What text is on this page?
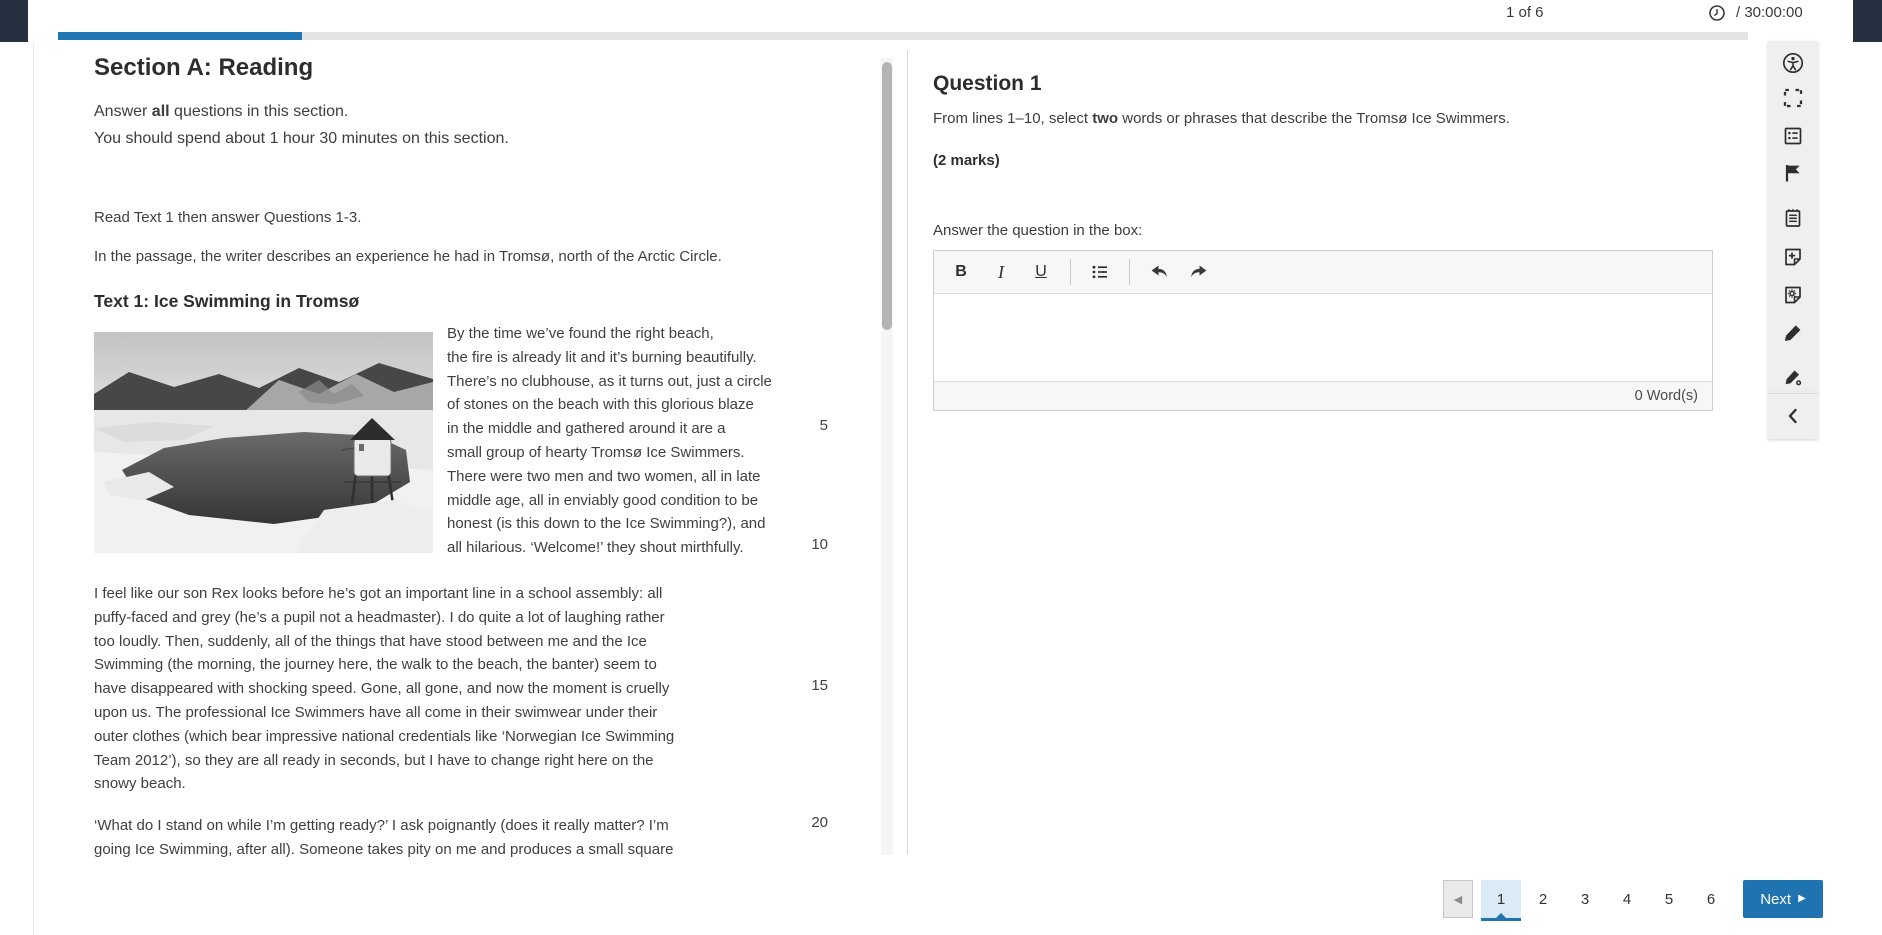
1 of 6	/ 30:00:00
Section A: Reading
Answer all questions in this section.
You should spend about 1 hour 30 minutes on this section.
Read Text 1 then answer Questions 1-3.
In the passage, the writer describes an experience he had in Tromsø, north of the Arctic Circle.
Text 1: Ice Swimming in Tromsø
By the time we’ve found the right beach,
the fire is already lit and it’s burning beautifully.
There’s no clubhouse, as it turns out, just a circle
of stones on the beach with this glorious blaze
in the middle and gathered around it are a
small group of hearty Tromsø Ice Swimmers.
There were two men and two women, all in late
middle age, all in enviably good condition to be
honest (is this down to the Ice Swimming?), and
all hilarious. ‘Welcome!’ they shout mirthfully.
I feel like our son Rex looks before he’s got an important line in a school assembly: all
puffy-faced and grey (he’s a pupil not a headmaster). I do quite a lot of laughing rather
too loudly. Then, suddenly, all of the things that have stood between me and the Ice
Swimming (the morning, the journey here, the walk to the beach, the banter) seem to
have disappeared with shocking speed. Gone, all gone, and now the moment is cruelly
upon us. The professional Ice Swimmers have all come in their swimwear under their
outer clothes (which bear impressive national credentials like ‘Norwegian Ice Swimming
Team 2012’), so they are all ready in seconds, but I have to change right here on the
snowy beach.
‘What do I stand on while I’m getting ready?’ I ask poignantly (does it really matter? I’m
going Ice Swimming, after all). Someone takes pity on me and produces a small square
5
10
15
20
Question 1
From lines 1–10, select two words or phrases that describe the Tromsø Ice Swimmers.
(2 marks)
Answer the question in the box:
B	I	U
0 Word(s)
◀ 1 2 3 4 5 6	Next ▶
